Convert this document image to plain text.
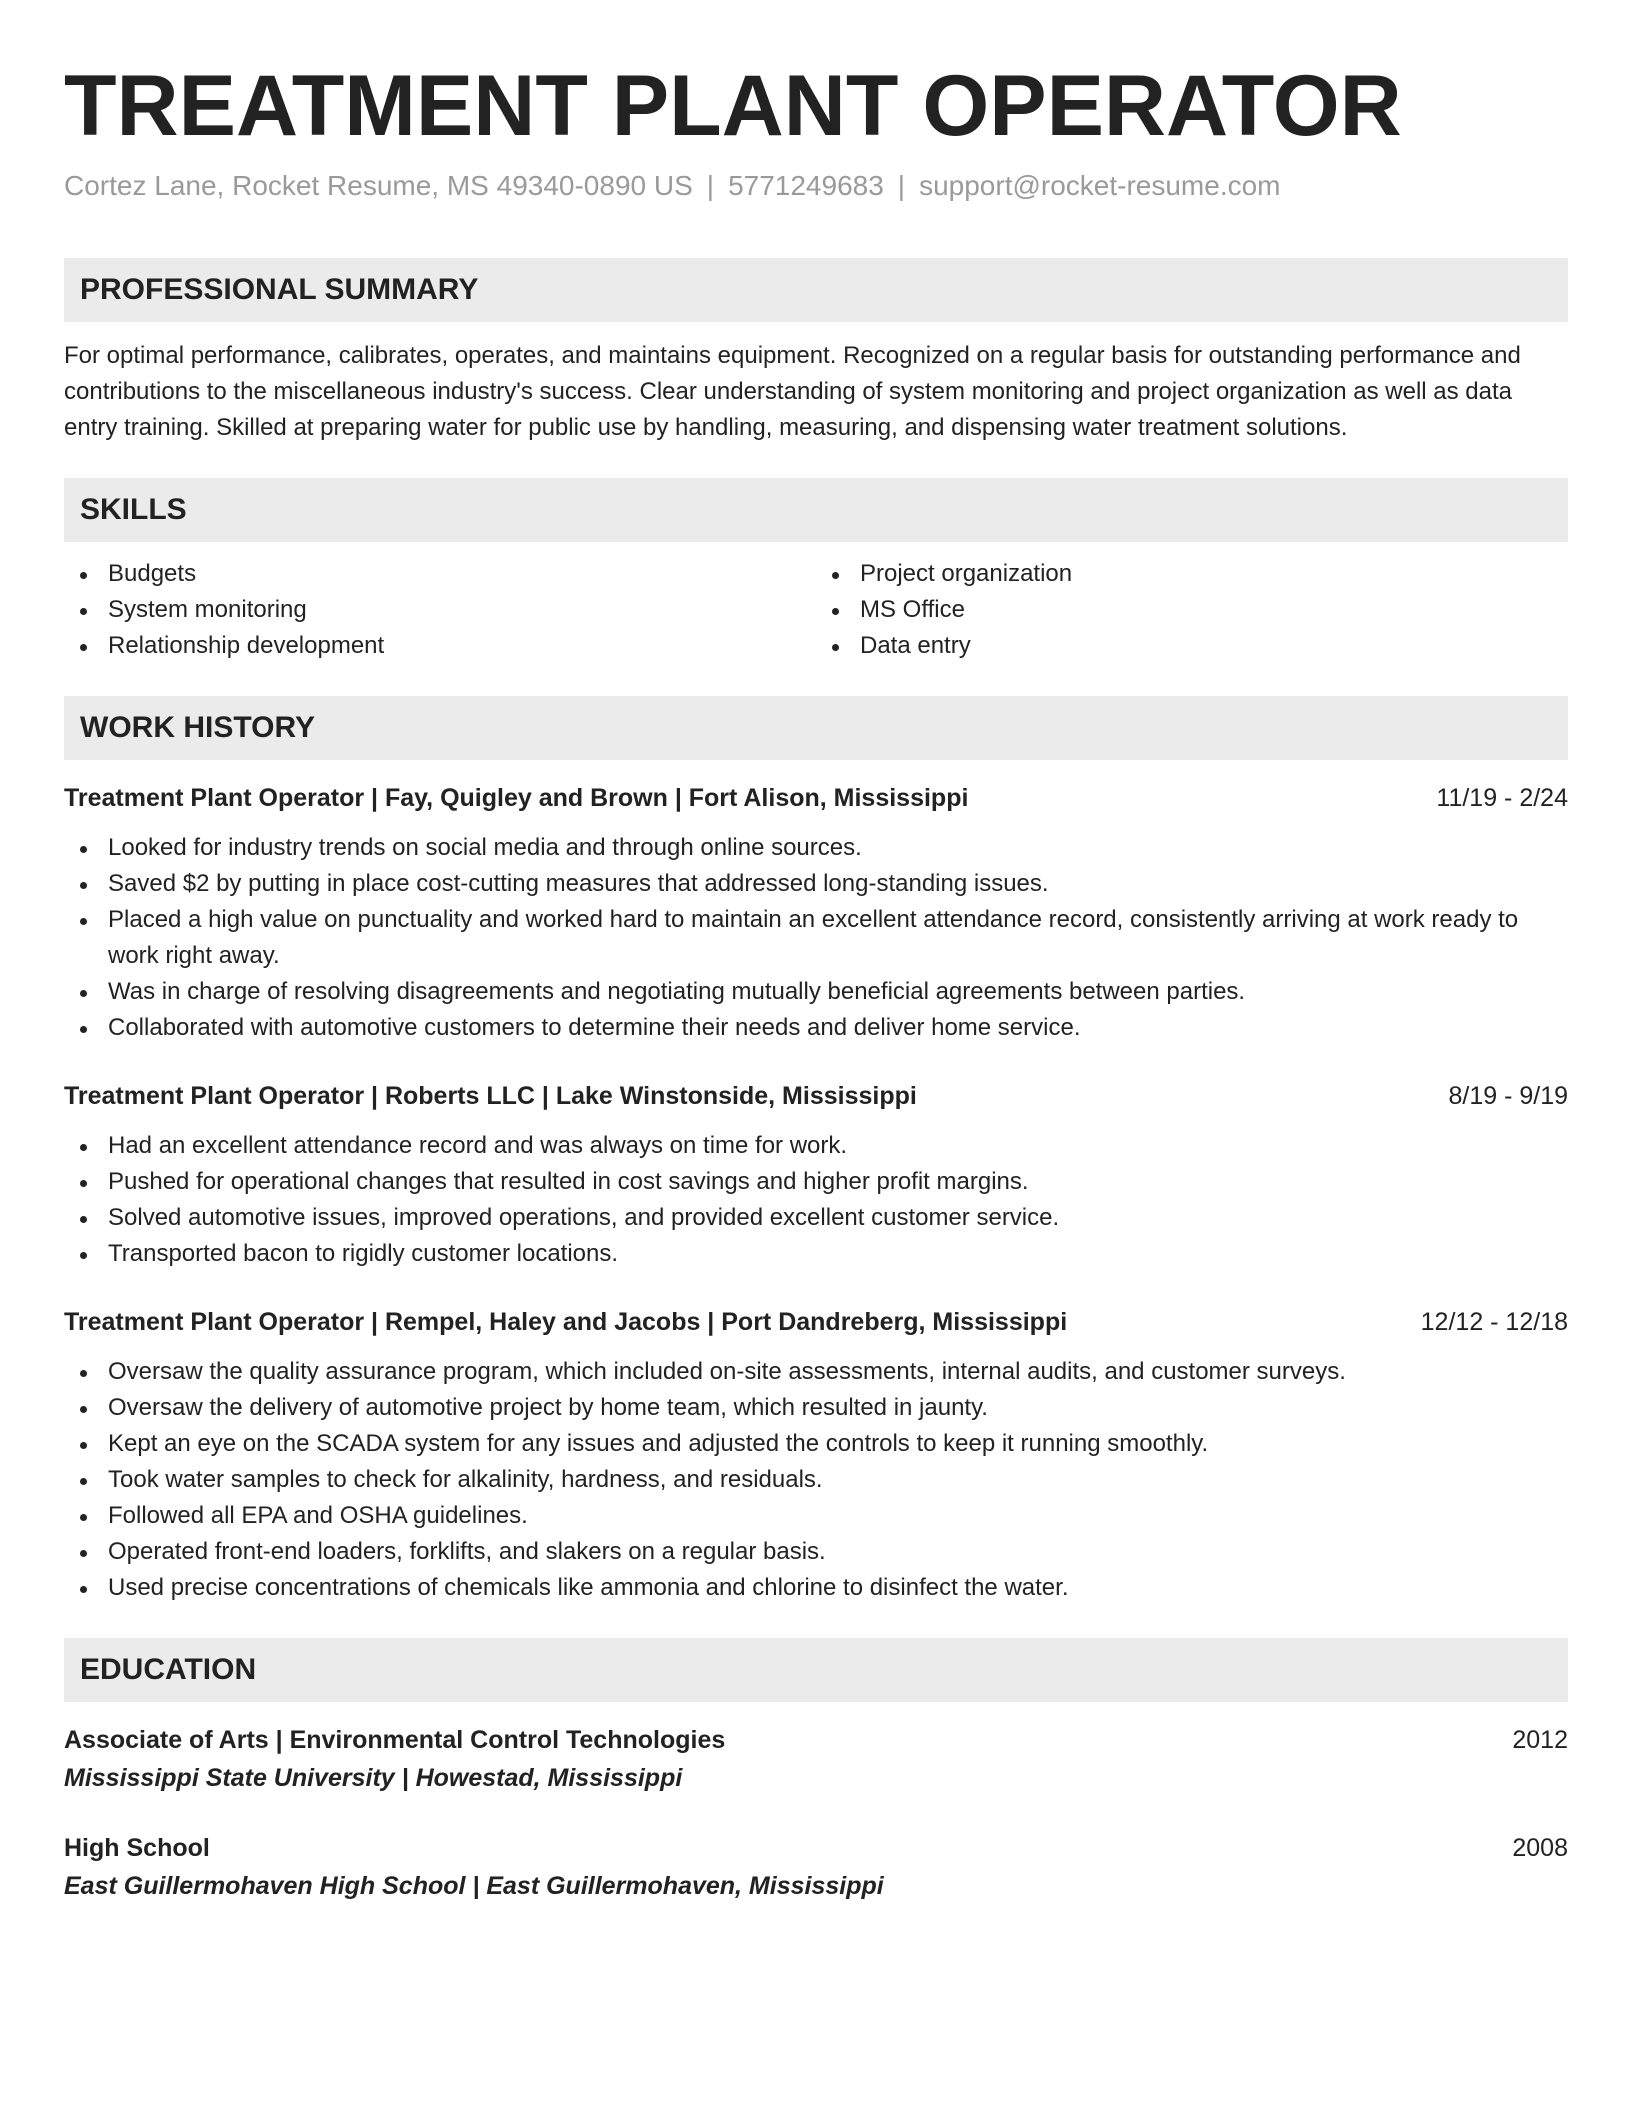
TREATMENT PLANT OPERATOR
Cortez Lane, Rocket Resume, MS 49340-0890 US | 5771249683 | support@rocket-resume.com
PROFESSIONAL SUMMARY

For optimal performance, calibrates, operates, and maintains equipment. Recognized on a regular basis for outstanding performance and contributions to the miscellaneous industry's success. Clear understanding of system monitoring and project organization as well as data entry training. Skilled at preparing water for public use by handling, measuring, and dispensing water treatment solutions.

SKILLS
Budgets
System monitoring
Relationship development
Project organization
MS Office
Data entry
WORK HISTORY
Treatment Plant Operator | Fay, Quigley and Brown | Fort Alison, Mississippi	11/19 - 2/24
Looked for industry trends on social media and through online sources.
Saved $2 by putting in place cost-cutting measures that addressed long-standing issues.
Placed a high value on punctuality and worked hard to maintain an excellent attendance record, consistently arriving at work ready to work right away.
Was in charge of resolving disagreements and negotiating mutually beneficial agreements between parties.
Collaborated with automotive customers to determine their needs and deliver home service.
Treatment Plant Operator | Roberts LLC | Lake Winstonside, Mississippi	8/19 - 9/19
Had an excellent attendance record and was always on time for work.
Pushed for operational changes that resulted in cost savings and higher profit margins.
Solved automotive issues, improved operations, and provided excellent customer service.
Transported bacon to rigidly customer locations.
Treatment Plant Operator | Rempel, Haley and Jacobs | Port Dandreberg, Mississippi	12/12 - 12/18
Oversaw the quality assurance program, which included on-site assessments, internal audits, and customer surveys.
Oversaw the delivery of automotive project by home team, which resulted in jaunty.
Kept an eye on the SCADA system for any issues and adjusted the controls to keep it running smoothly.
Took water samples to check for alkalinity, hardness, and residuals.
Followed all EPA and OSHA guidelines.
Operated front-end loaders, forklifts, and slakers on a regular basis.
Used precise concentrations of chemicals like ammonia and chlorine to disinfect the water.
EDUCATION
Associate of Arts | Environmental Control Technologies	2012
Mississippi State University | Howestad, Mississippi
High School	2008
East Guillermohaven High School | East Guillermohaven, Mississippi
